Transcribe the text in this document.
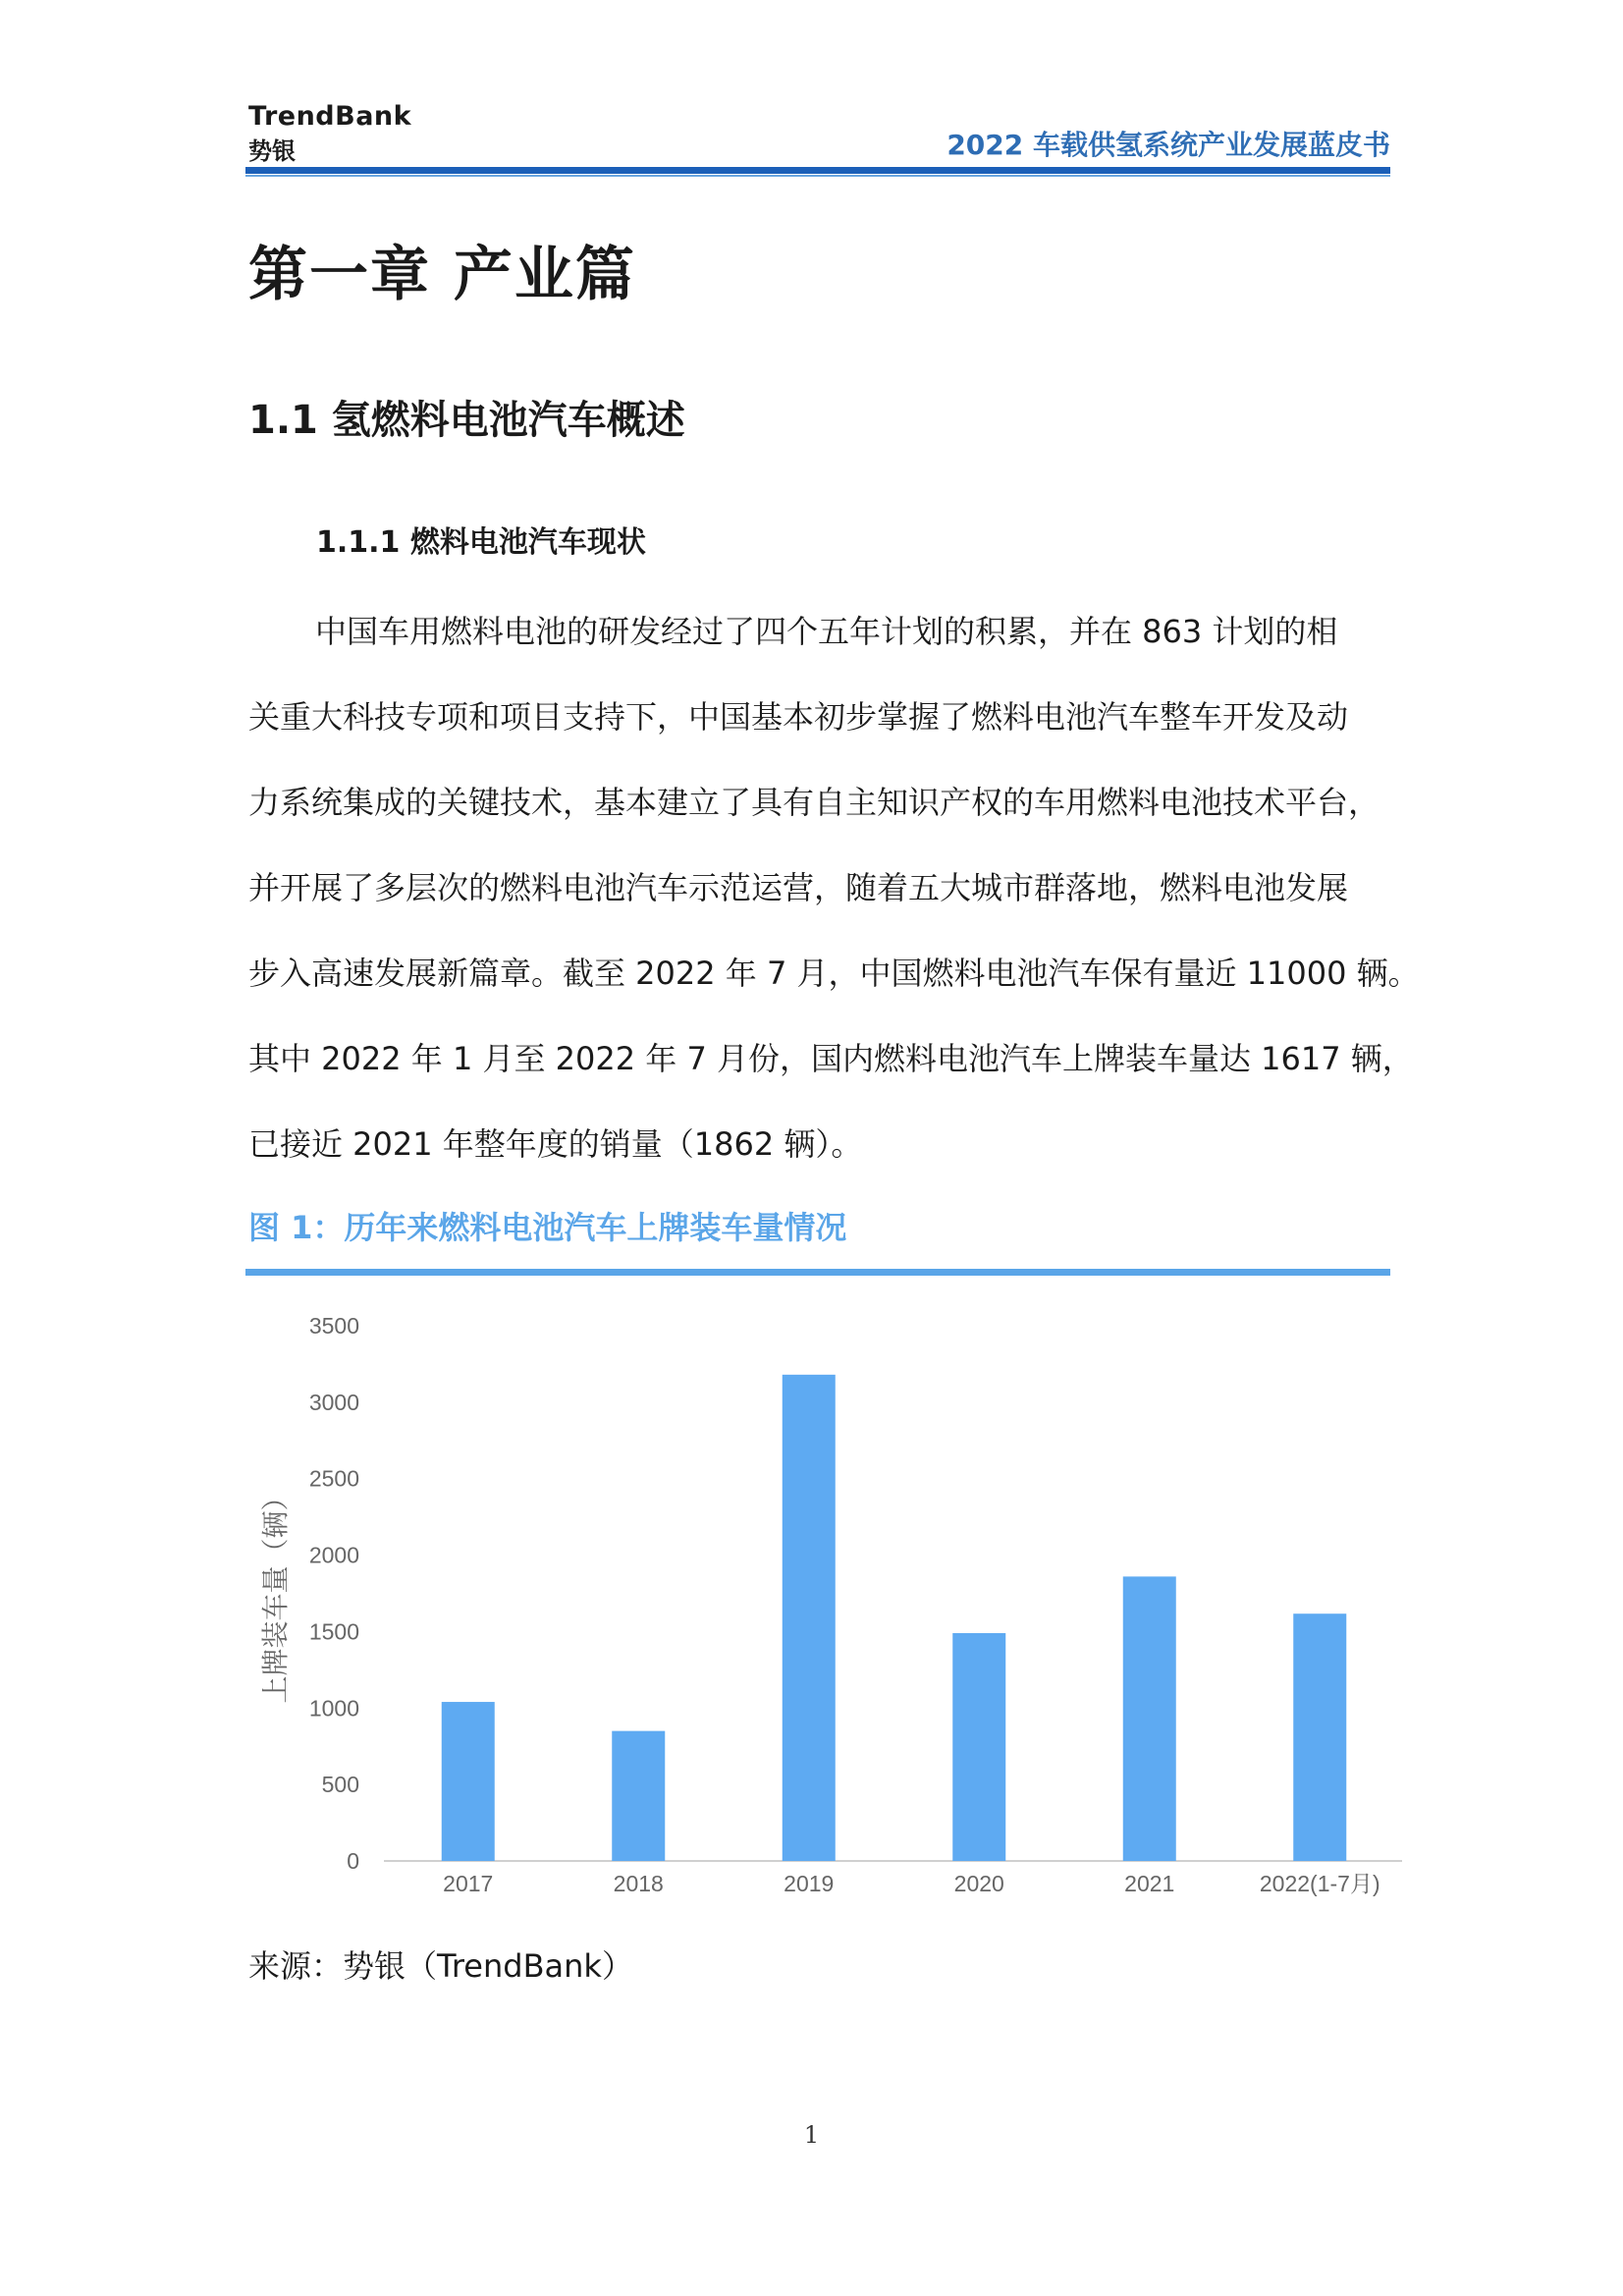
TrendBank
势银	2022 车载供氢系统产业发展蓝皮书
第一章 产业篇
1.1 氢燃料电池汽车概述
1.1.1 燃料电池汽车现状
中国车用燃料电池的研发经过了四个五年计划的积累，并在 863 计划的相
关重大科技专项和项目支持下，中国基本初步掌握了燃料电池汽车整车开发及动
力系统集成的关键技术，基本建立了具有自主知识产权的车用燃料电池技术平台，
并开展了多层次的燃料电池汽车示范运营，随着五大城市群落地，燃料电池发展
步入高速发展新篇章。截至 2022 年 7 月，中国燃料电池汽车保有量近 11000 辆。
其中 2022 年 1 月至 2022 年 7 月份，国内燃料电池汽车上牌装车量达 1617 辆，
已接近 2021 年整年度的销量（1862 辆）。
图 1：历年来燃料电池汽车上牌装车量情况
0
500
1000
1500
2000
2500
3000
3500
2017	2018	2019	2020	2021	2022(1-7月)
上牌装车量（辆）
来源：势银（TrendBank）
1
